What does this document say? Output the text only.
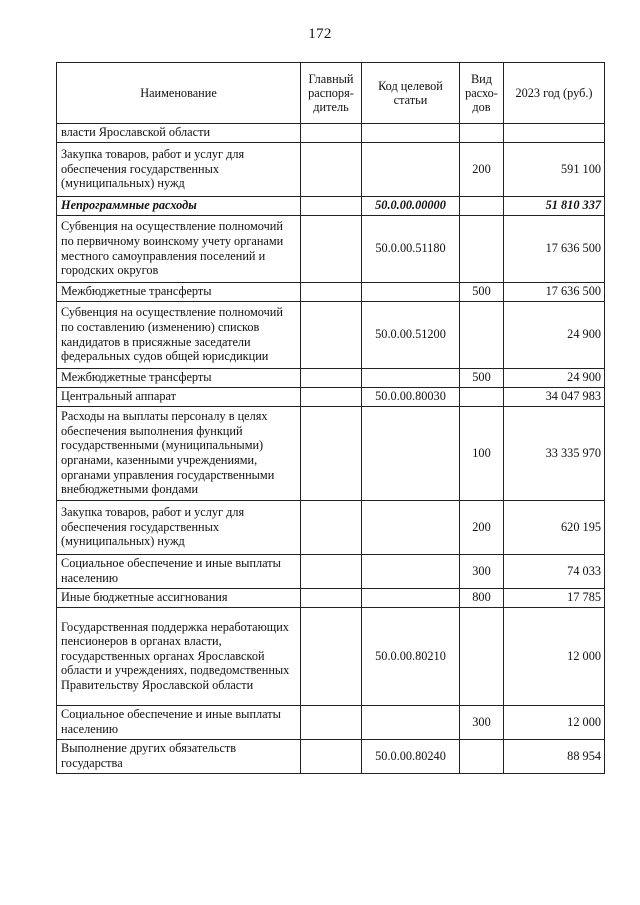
172
Наименование	Главный распоря-дитель	Код целевой статьи	Вид расхо-дов	2023 год (руб.)
власти Ярославской области				
Закупка товаров, работ и услуг для обеспечения государственных (муниципальных) нужд			200	591 100
Непрограммные расходы		50.0.00.00000		51 810 337
Субвенция на осуществление полномочий по первичному воинскому учету органами местного самоуправления поселений и городских округов		50.0.00.51180		17 636 500
Межбюджетные трансферты			500	17 636 500
Субвенция на осуществление полномочий по составлению (изменению) списков кандидатов в присяжные заседатели федеральных судов общей юрисдикции		50.0.00.51200		24 900
Межбюджетные трансферты			500	24 900
Центральный аппарат		50.0.00.80030		34 047 983
Расходы на выплаты персоналу в целях обеспечения выполнения функций государственными (муниципальными) органами, казенными учреждениями, органами управления государственными внебюджетными фондами			100	33 335 970
Закупка товаров, работ и услуг для обеспечения государственных (муниципальных) нужд			200	620 195
Социальное обеспечение и иные выплаты населению			300	74 033
Иные бюджетные ассигнования			800	17 785
Государственная поддержка неработающих пенсионеров в органах власти, государственных органах Ярославской области и учреждениях, подведомственных Правительству Ярославской области		50.0.00.80210		12 000
Социальное обеспечение и иные выплаты населению			300	12 000
Выполнение других обязательств государства		50.0.00.80240		88 954
